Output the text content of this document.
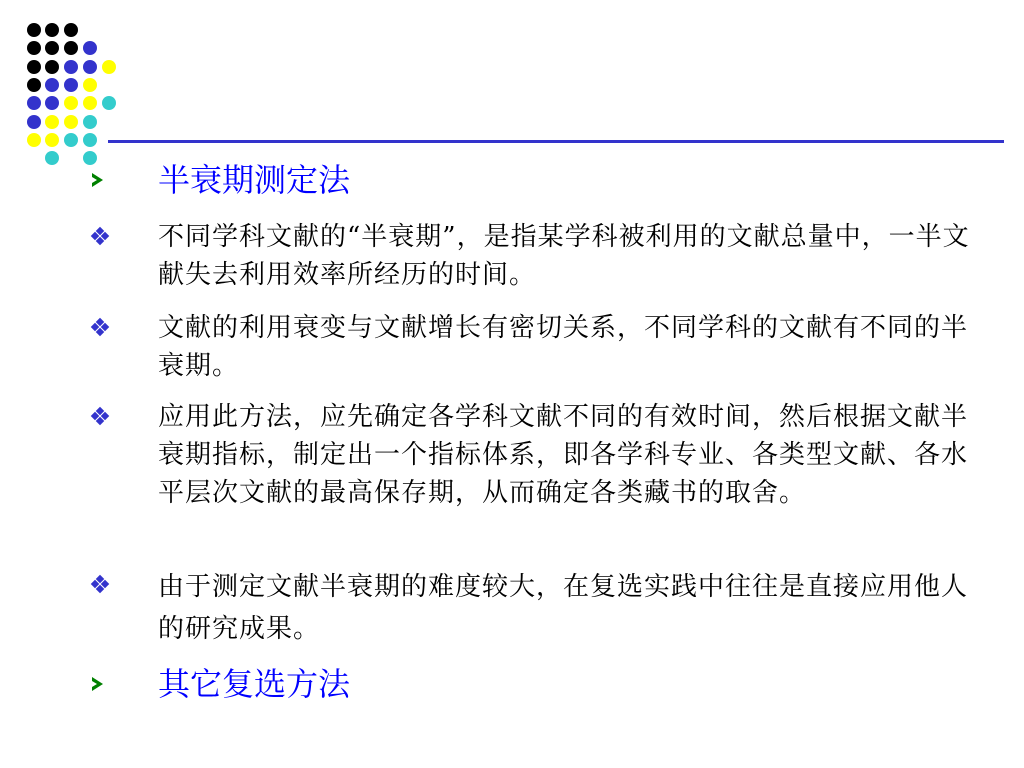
半衰期测定法
不同学科文献的“半衰期”，是指某学科被利用的文献总量中，一半文献失去利用效率所经历的时间。
文献的利用衰变与文献增长有密切关系，不同学科的文献有不同的半衰期。
应用此方法，应先确定各学科文献不同的有效时间，然后根据文献半衰期指标，制定出一个指标体系，即各学科专业、各类型文献、各水平层次文献的最高保存期，从而确定各类藏书的取舍。
由于测定文献半衰期的难度较大，在复选实践中往往是直接应用他人的研究成果。
其它复选方法
